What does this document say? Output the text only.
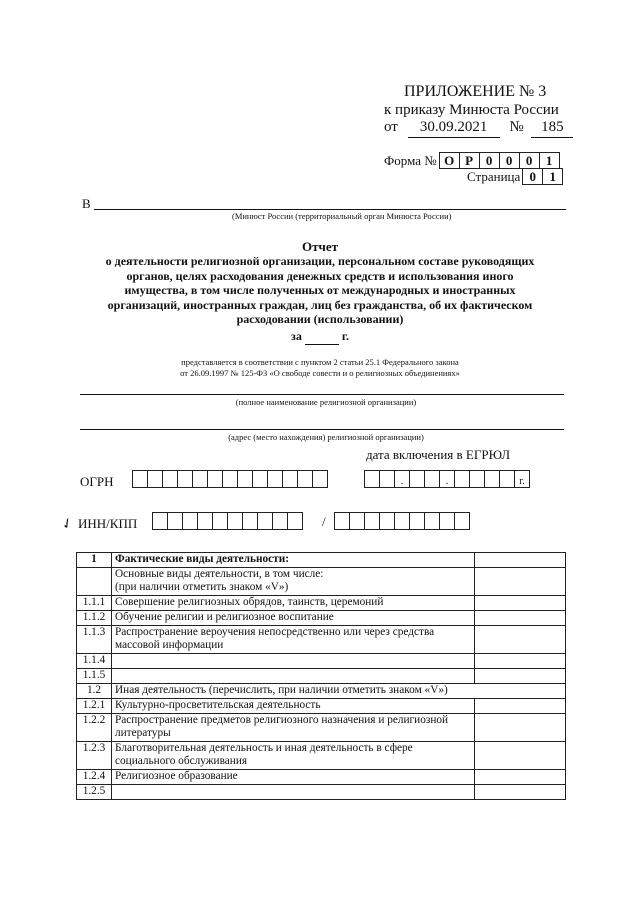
ПРИЛОЖЕНИЕ № 3
к приказу Минюста России
от 30.09.2021 № 185
Форма № О Р 0	0	0	1
Страница 0	1
В
(Минюст России (территориальный орган Минюста России)
Отчет
о деятельности религиозной организации, персональном составе руководящих
органов, целях расходования денежных средств и использования иного
имущества, в том числе полученных от международных и иностранных
организаций, иностранных граждан, лиц без гражданства, об их фактическом
расходовании (использовании)
за	г.
представляется в соответствии с пунктом 2 статьи 25.1 Федерального закона
от 26.09.1997 № 125-ФЗ «О свободе совести и о религиозных объединениях»
(полное наименование религиозной организации)
(адрес (место нахождения) религиозной организации)
дата включения в ЕГРЮЛ
ОГРН	.	.	г.
✓ ИНН/КПП	/
1	Фактические виды деятельности:	
	Основные виды деятельности, в том числе:
(при наличии отметить знаком «V»)	
1.1.1	Совершение религиозных обрядов, таинств, церемоний	
1.1.2	Обучение религии и религиозное воспитание	
1.1.3	Распространение вероучения непосредственно или через средства
массовой информации	
1.1.4		
1.1.5		
1.2	Иная деятельность (перечислить, при наличии отметить знаком «V»)	
1.2.1	Культурно-просветительская деятельность	
1.2.2	Распространение предметов религиозного назначения и религиозной
литературы	
1.2.3	Благотворительная деятельность и иная деятельность в сфере
социального обслуживания	
1.2.4	Религиозное образование	
1.2.5		
